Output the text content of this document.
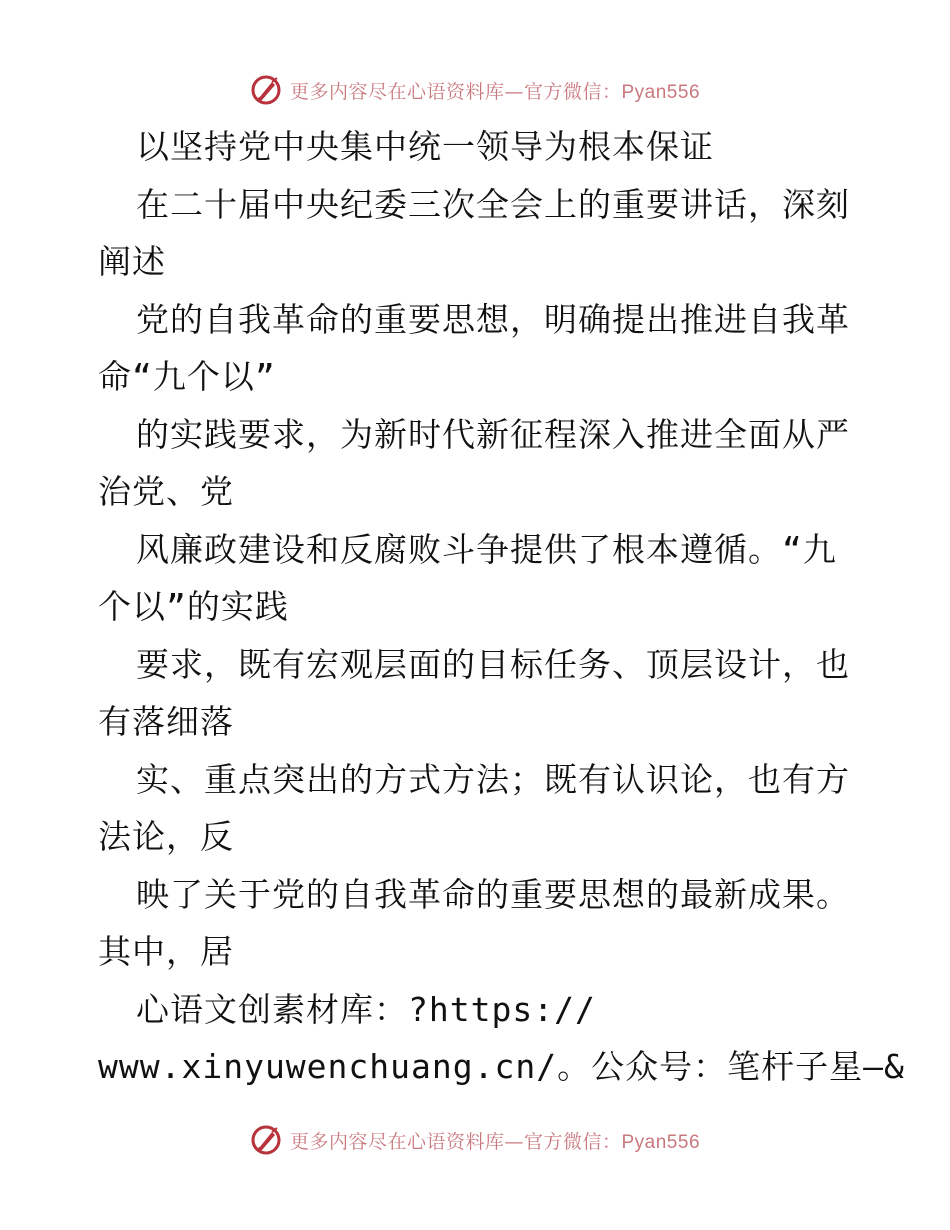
更多内容尽在心语资料库—官方微信：Pyan556
以坚持党中央集中统一领导为根本保证
在二十届中央纪委三次全会上的重要讲话，深刻
阐述
党的自我革命的重要思想，明确提出推进自我革
命“九个以”
的实践要求，为新时代新征程深入推进全面从严
治党、党
风廉政建设和反腐败斗争提供了根本遵循。“九
个以”的实践
要求，既有宏观层面的目标任务、顶层设计，也
有落细落
实、重点突出的方式方法；既有认识论，也有方
法论，反
映了关于党的自我革命的重要思想的最新成果。
其中，居
心语文创素材库：?https://
www.xinyuwenchuang.cn/。公众号：笔杆子星—&
更多内容尽在心语资料库—官方微信：Pyan556
